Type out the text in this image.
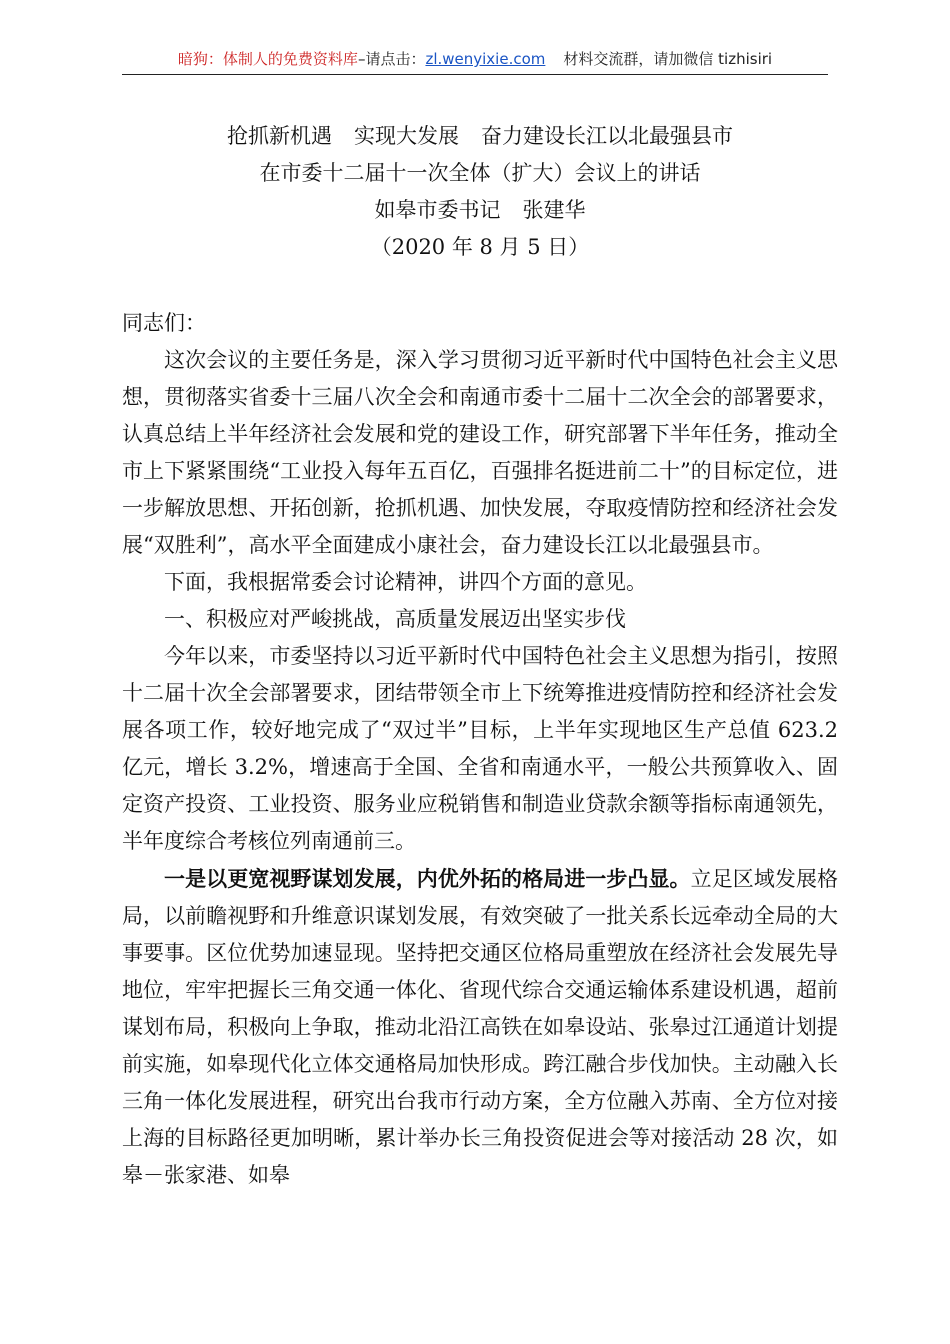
暗狗：体制人的免费资料库–请点击：zl.wenyixie.com 材料交流群，请加微信 tizhisiri
抢抓新机遇 实现大发展 奋力建设长江以北最强县市
在市委十二届十一次全体（扩大）会议上的讲话
如皋市委书记 张建华
（2020 年 8 月 5 日）

同志们：

这次会议的主要任务是，深入学习贯彻习近平新时代中国特色社会主义思想，贯彻落实省委十三届八次全会和南通市委十二届十二次全会的部署要求，认真总结上半年经济社会发展和党的建设工作，研究部署下半年任务，推动全市上下紧紧围绕“工业投入每年五百亿，百强排名挺进前二十”的目标定位，进一步解放思想、开拓创新，抢抓机遇、加快发展，夺取疫情防控和经济社会发展“双胜利”，高水平全面建成小康社会，奋力建设长江以北最强县市。

下面，我根据常委会讨论精神，讲四个方面的意见。

一、积极应对严峻挑战，高质量发展迈出坚实步伐

今年以来，市委坚持以习近平新时代中国特色社会主义思想为指引，按照十二届十次全会部署要求，团结带领全市上下统筹推进疫情防控和经济社会发展各项工作，较好地完成了“双过半”目标，上半年实现地区生产总值 623.2 亿元，增长 3.2%，增速高于全国、全省和南通水平，一般公共预算收入、固定资产投资、工业投资、服务业应税销售和制造业贷款余额等指标南通领先，半年度综合考核位列南通前三。

一是以更宽视野谋划发展，内优外拓的格局进一步凸显。立足区域发展格局，以前瞻视野和升维意识谋划发展，有效突破了一批关系长远牵动全局的大事要事。区位优势加速显现。坚持把交通区位格局重塑放在经济社会发展先导地位，牢牢把握长三角交通一体化、省现代综合交通运输体系建设机遇，超前谋划布局，积极向上争取，推动北沿江高铁在如皋设站、张皋过江通道计划提前实施，如皋现代化立体交通格局加快形成。跨江融合步伐加快。主动融入长三角一体化发展进程，研究出台我市行动方案，全方位融入苏南、全方位对接上海的目标路径更加明晰，累计举办长三角投资促进会等对接活动 28 次，如皋－张家港、如皋
